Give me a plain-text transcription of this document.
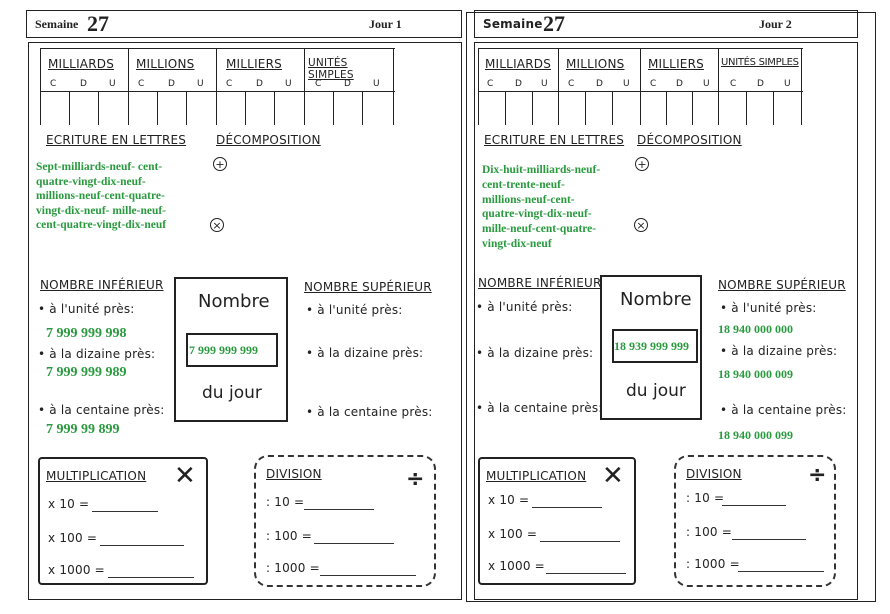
Semaine 27	Jour 1
MILLIARDS MILLIONS	MILLIERS UNITÉS SIMPLES
C	D U C	D U C	D U	C	D U
ECRITURE EN LETTRES DÉCOMPOSITION
+
×
Sept-milliards-neuf- cent-
quatre-vingt-dix-neuf-
millions-neuf-cent-quatre-
vingt-dix-neuf- mille-neuf-
cent-quatre-vingt-dix-neuf
NOMBRE INFÉRIEUR
• à l'unité près:
7 999 999 998
• à la dizaine près:
7 999 999 989
• à la centaine près:
7 999 99 899
Nombre
7 999 999 999
du jour
NOMBRE SUPÉRIEUR
• à l'unité près:
• à la dizaine près:
• à la centaine près:
MULTIPLICATION ✕
x 10 =
x 100 =
x 1000 =
DIVISION	÷
: 10 =
: 100 =
: 1000 =
Semaine 27	Jour 2
MILLIARDS MILLIONS MILLIERS UNITÉS SIMPLES
C D U C D U C D U C D U
ECRITURE EN LETTRES DÉCOMPOSITION
+
×
Dix-huit-milliards-neuf-
cent-trente-neuf-
millions-neuf-cent-
quatre-vingt-dix-neuf-
mille-neuf-cent-quatre-
vingt-dix-neuf
NOMBRE INFÉRIEUR
• à l'unité près:
• à la dizaine près:
• à la centaine près:
Nombre
18 939 999 999
du jour
NOMBRE SUPÉRIEUR
• à l'unité près:
18 940 000 000
• à la dizaine près:
18 940 000 009
• à la centaine près:
18 940 000 099
MULTIPLICATION ✕
x 10 =
x 100 =
x 1000 =
DIVISION	÷
: 10 =
: 100 =
: 1000 =
